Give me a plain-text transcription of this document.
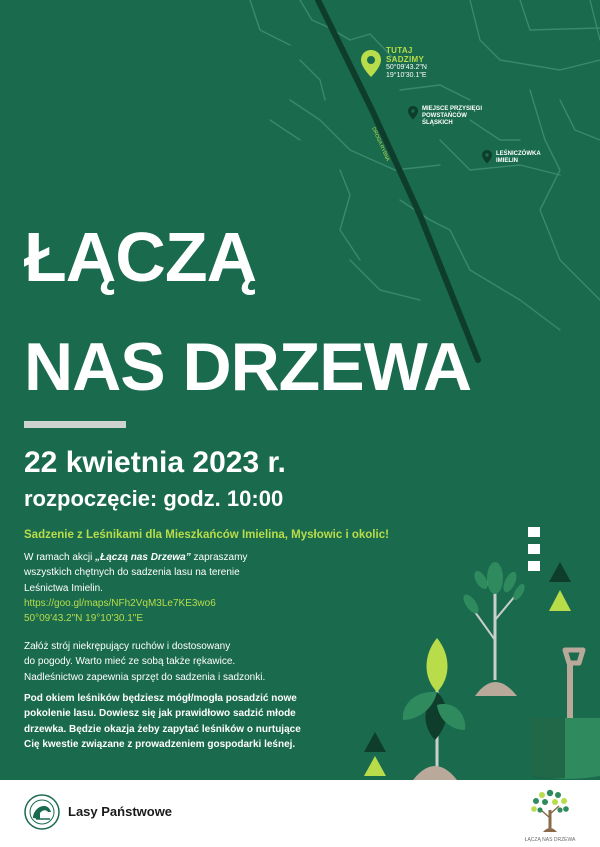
DROGA RYBNA
TUTAJ
SADZIMY
50°09'43.2"N
19°10'30.1"E
MIEJSCE PRZYSIĘGI
POWSTAŃCÓW
ŚLĄSKICH
LEŚNICZÓWKA
IMIELIN
ŁĄCZĄ
NAS DRZEWA
22 kwietnia 2023 r.
rozpoczęcie: godz. 10:00
Sadzenie z Leśnikami dla Mieszkańców Imielina, Mysłowic i okolic!

W ramach akcji „Łączą nas Drzewa” zapraszamy
wszystkich chętnych do sadzenia lasu na terenie
Leśnictwa Imielin.
https://goo.gl/maps/NFh2VqM3Le7KE3wo6
50°09'43.2"N 19°10'30.1"E

Załóż strój niekrępujący ruchów i dostosowany
do pogody. Warto mieć ze sobą także rękawice.
Nadleśnictwo zapewnia sprzęt do sadzenia i sadzonki.

Pod okiem leśników będziesz mógł/mogła posadzić nowe
pokolenie lasu. Dowiesz się jak prawidłowo sadzić młode
drzewka. Będzie okazja żeby zapytać leśników o nurtujące
Cię kwestie związane z prowadzeniem gospodarki leśnej.

Lasy Państwowe
ŁĄCZĄ NAS DRZEWA
